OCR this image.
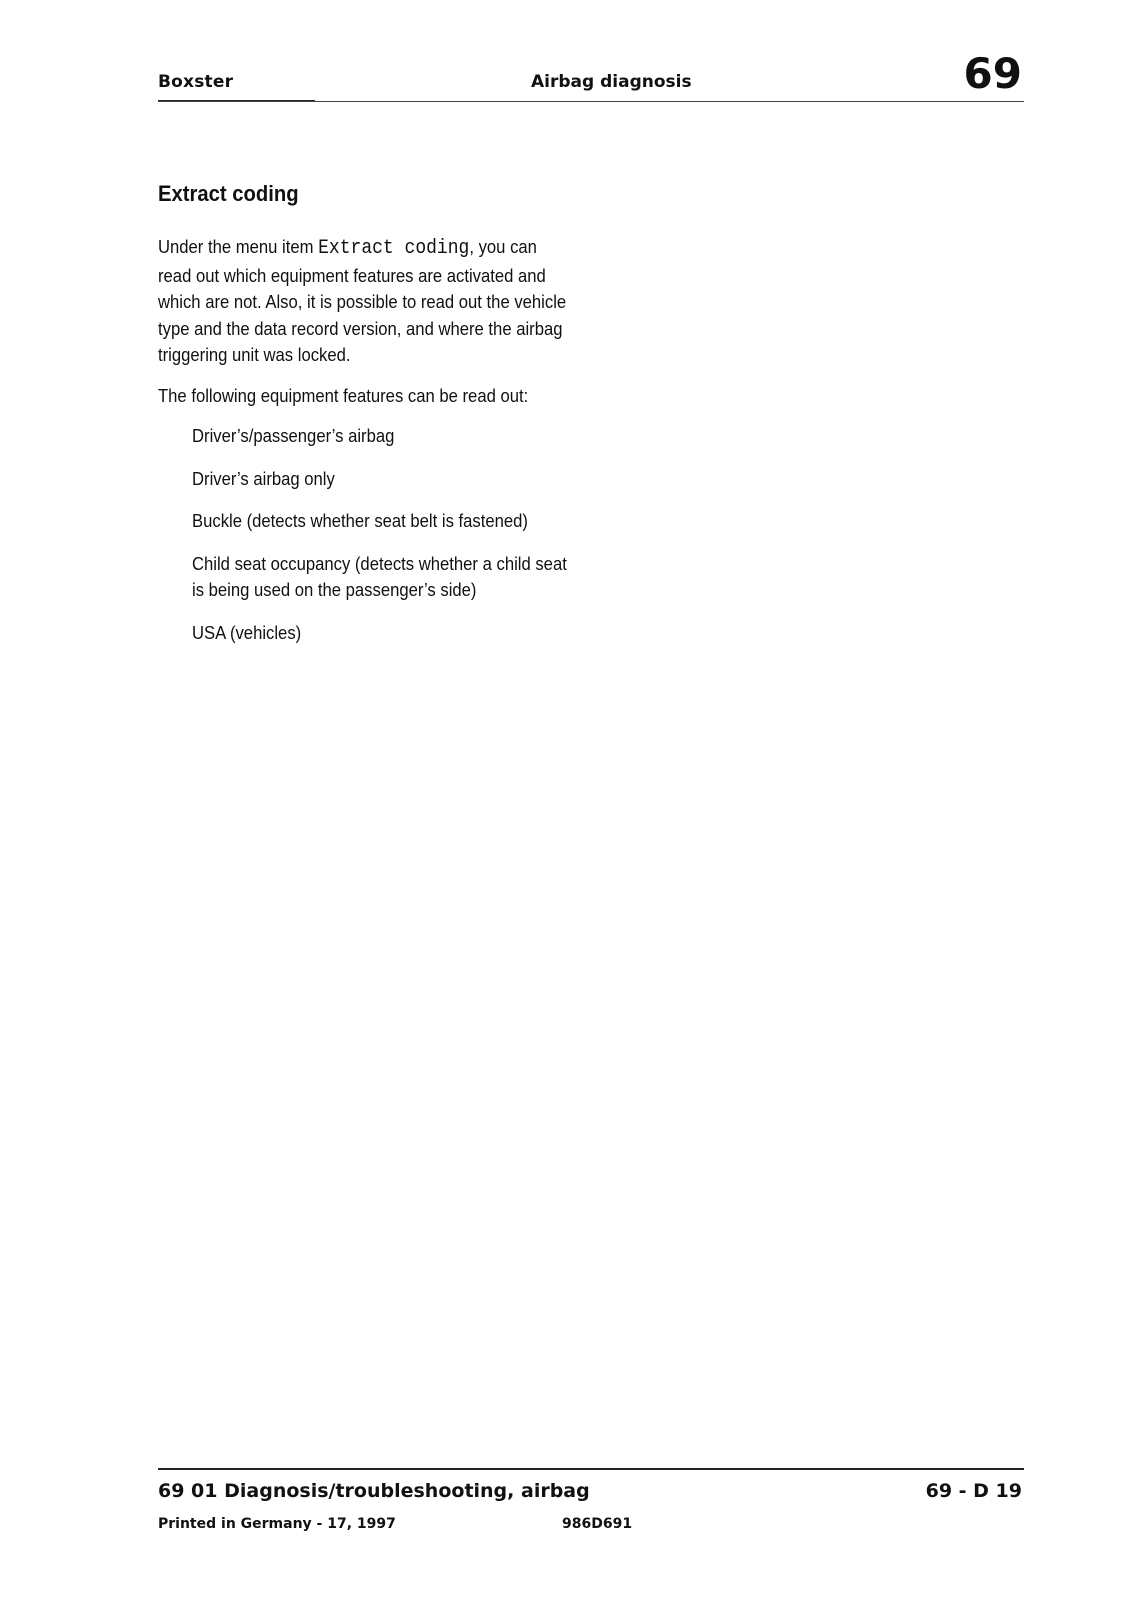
Boxster	Airbag diagnosis	69
Extract coding

Under the menu item Extract coding, you can read out which equipment features are activated and which are not. Also, it is possible to read out the vehicle type and the data record version, and where the airbag triggering unit was locked.

The following equipment features can be read out:

Driver’s/passenger’s airbag
Driver’s airbag only
Buckle (detects whether seat belt is fastened)
Child seat occupancy (detects whether a child seat is being used on the passenger’s side)
USA (vehicles)
69 01 Diagnosis/troubleshooting, airbag	69 - D 19
Printed in Germany - 17, 1997	986D691
